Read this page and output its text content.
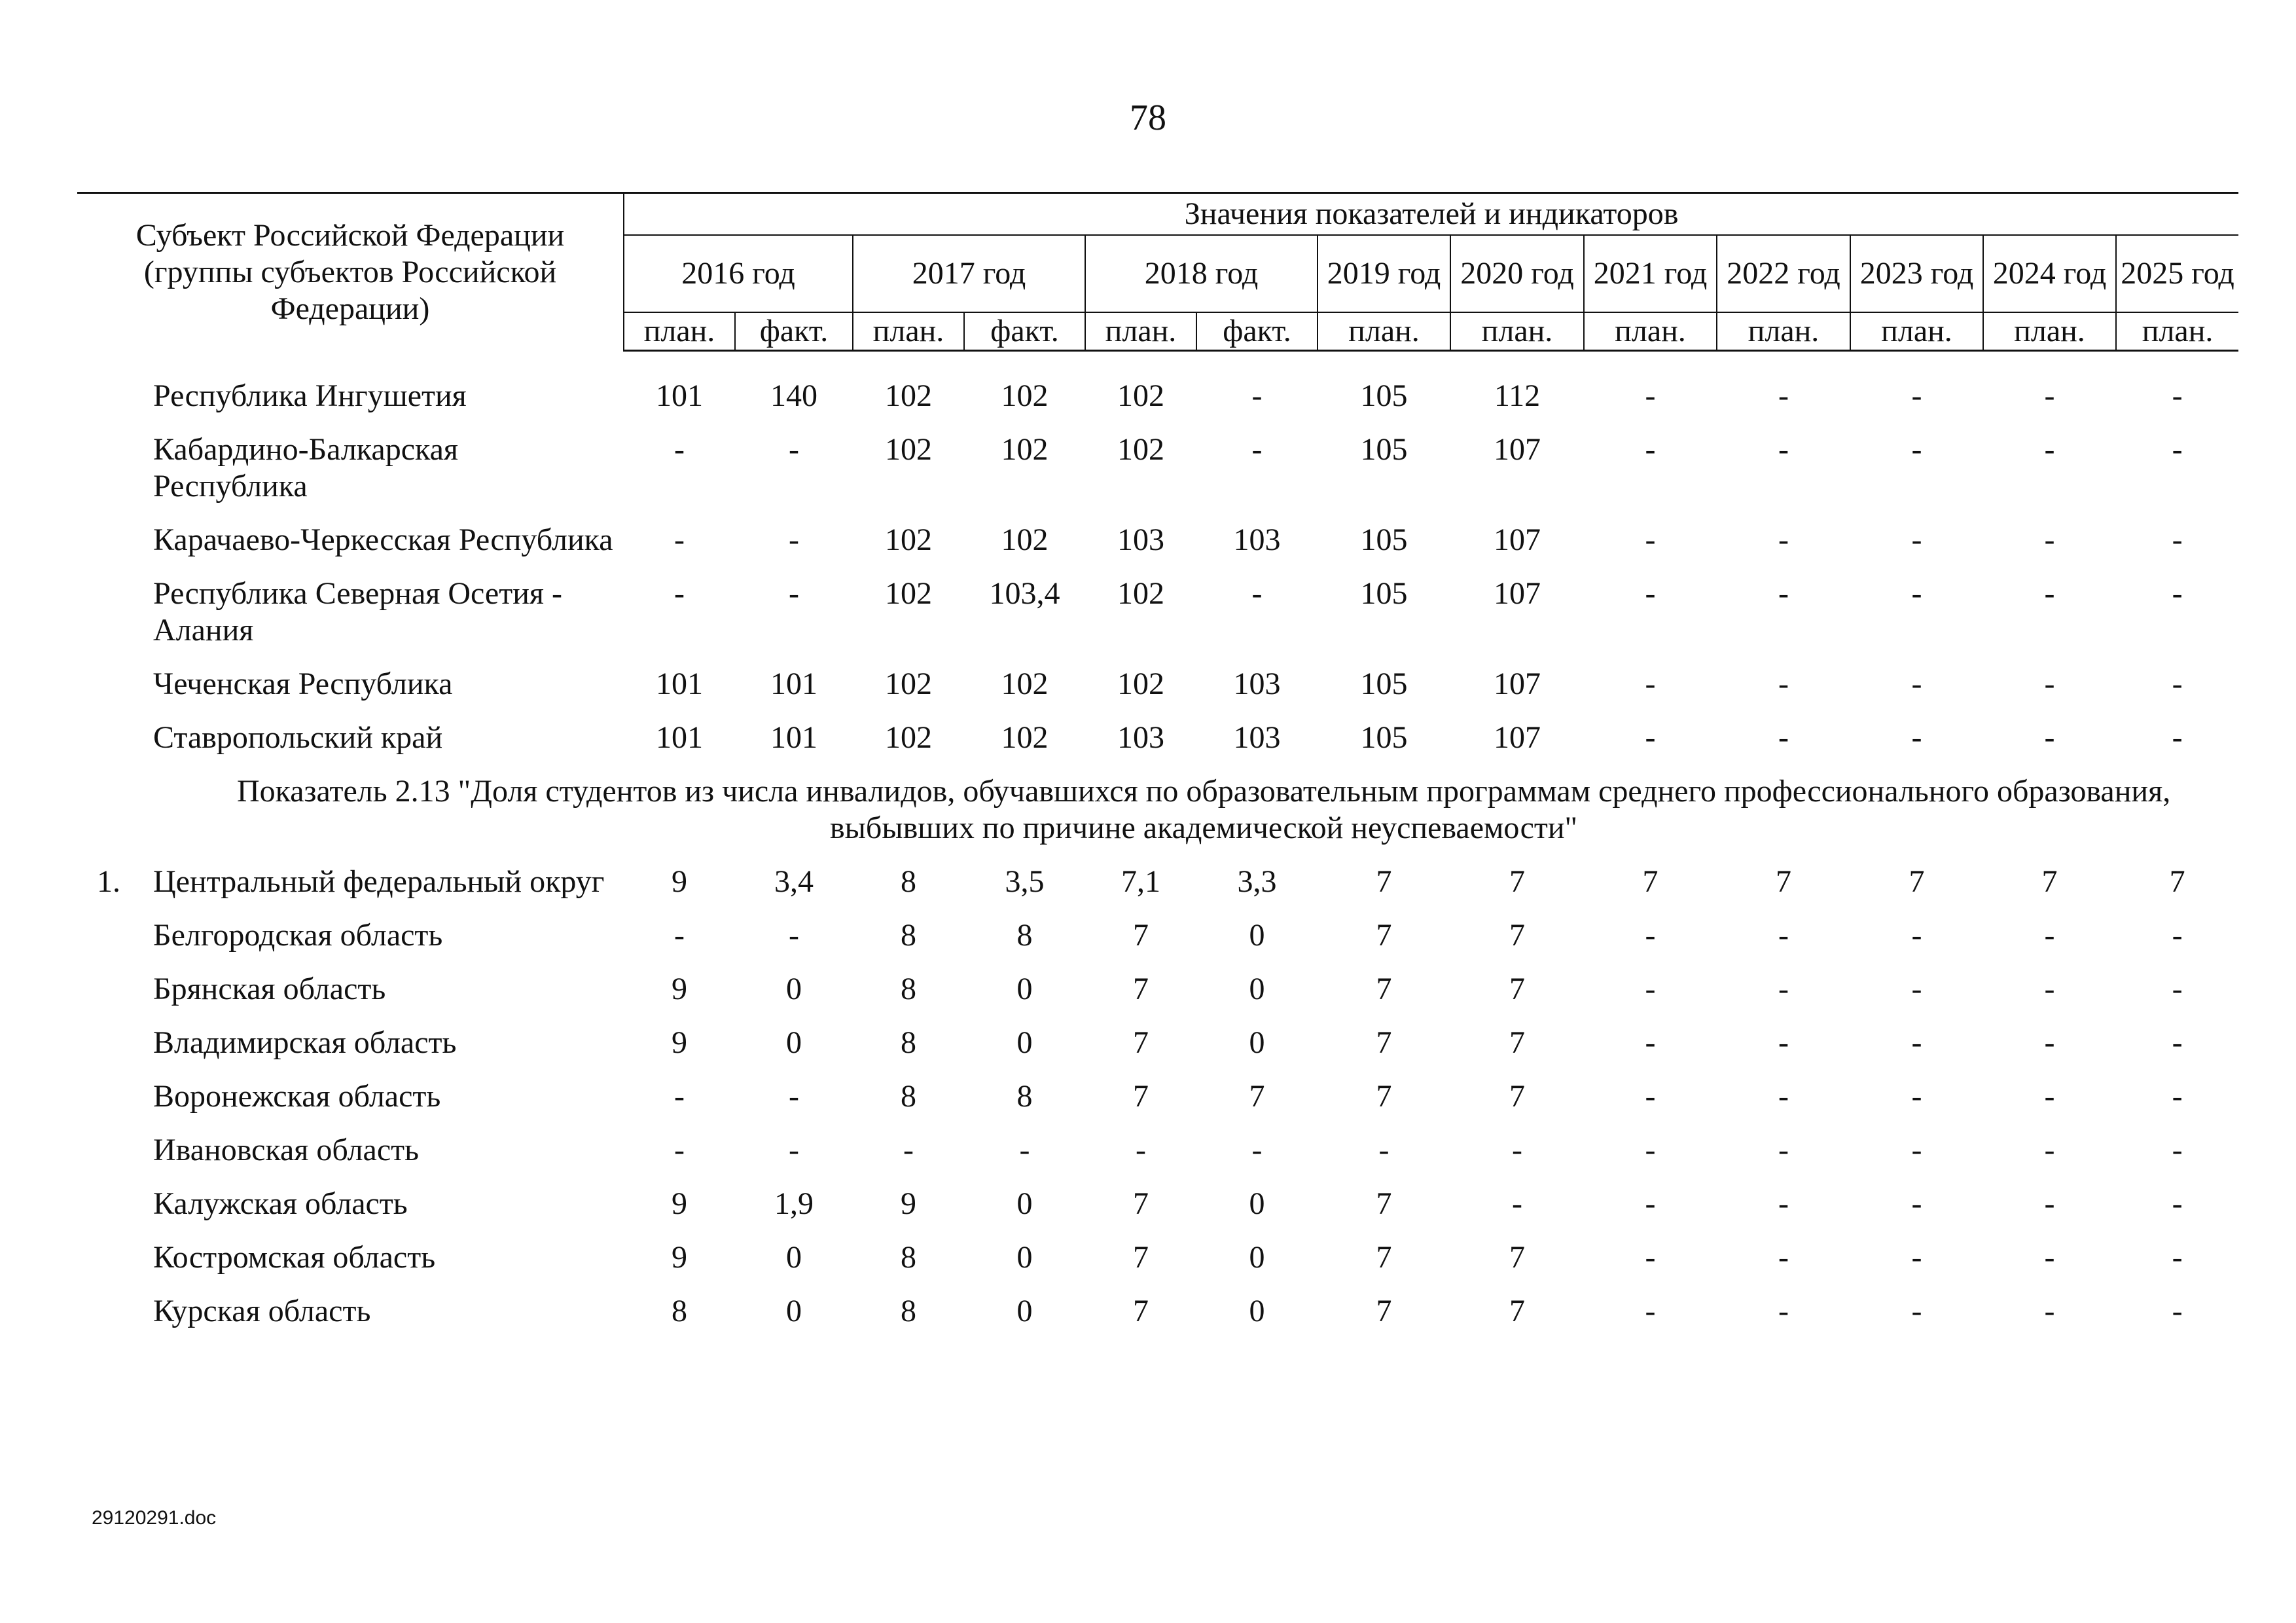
78
Субъект Российской Федерации (группы субъектов Российской Федерации)	Значения показателей и индикаторов												
	2016 год		2017 год		2018 год		2019 год	2020 год	2021 год	2022 год	2023 год	2024 год	2025 год
	план.	факт.	план.	факт.	план.	факт.	план.	план.	план.	план.	план.	план.	план.

Республика Ингушетия	101	140	102	102	102	-	105	112	-	-	-	-	-
Кабардино-Балкарская Республика	-	-	102	102	102	-	105	107	-	-	-	-	-
Карачаево-Черкесская Республика	-	-	102	102	103	103	105	107	-	-	-	-	-
Республика Северная Осетия - Алания	-	-	102	103,4	102	-	105	107	-	-	-	-	-
Чеченская Республика	101	101	102	102	102	103	105	107	-	-	-	-	-
Ставропольский край	101	101	102	102	103	103	105	107	-	-	-	-	-
Показатель 2.13 "Доля студентов из числа инвалидов, обучавшихся по образовательным программам среднего профессионального образования, выбывших по причине академической неуспеваемости"													

1. Центральный федеральный округ	9	3,4	8	3,5	7,1	3,3	7	7	7	7	7	7	7
Белгородская область	-	-	8	8	7	0	7	7	-	-	-	-	-
Брянская область	9	0	8	0	7	0	7	7	-	-	-	-	-
Владимирская область	9	0	8	0	7	0	7	7	-	-	-	-	-
Воронежская область	-	-	8	8	7	7	7	7	-	-	-	-	-
Ивановская область	-	-	-	-	-	-	-	-	-	-	-	-	-
Калужская область	9	1,9	9	0	7	0	7	-	-	-	-	-	-
Костромская область	9	0	8	0	7	0	7	7	-	-	-	-	-
Курская область	8	0	8	0	7	0	7	7	-	-	-	-	-
29120291.doc
